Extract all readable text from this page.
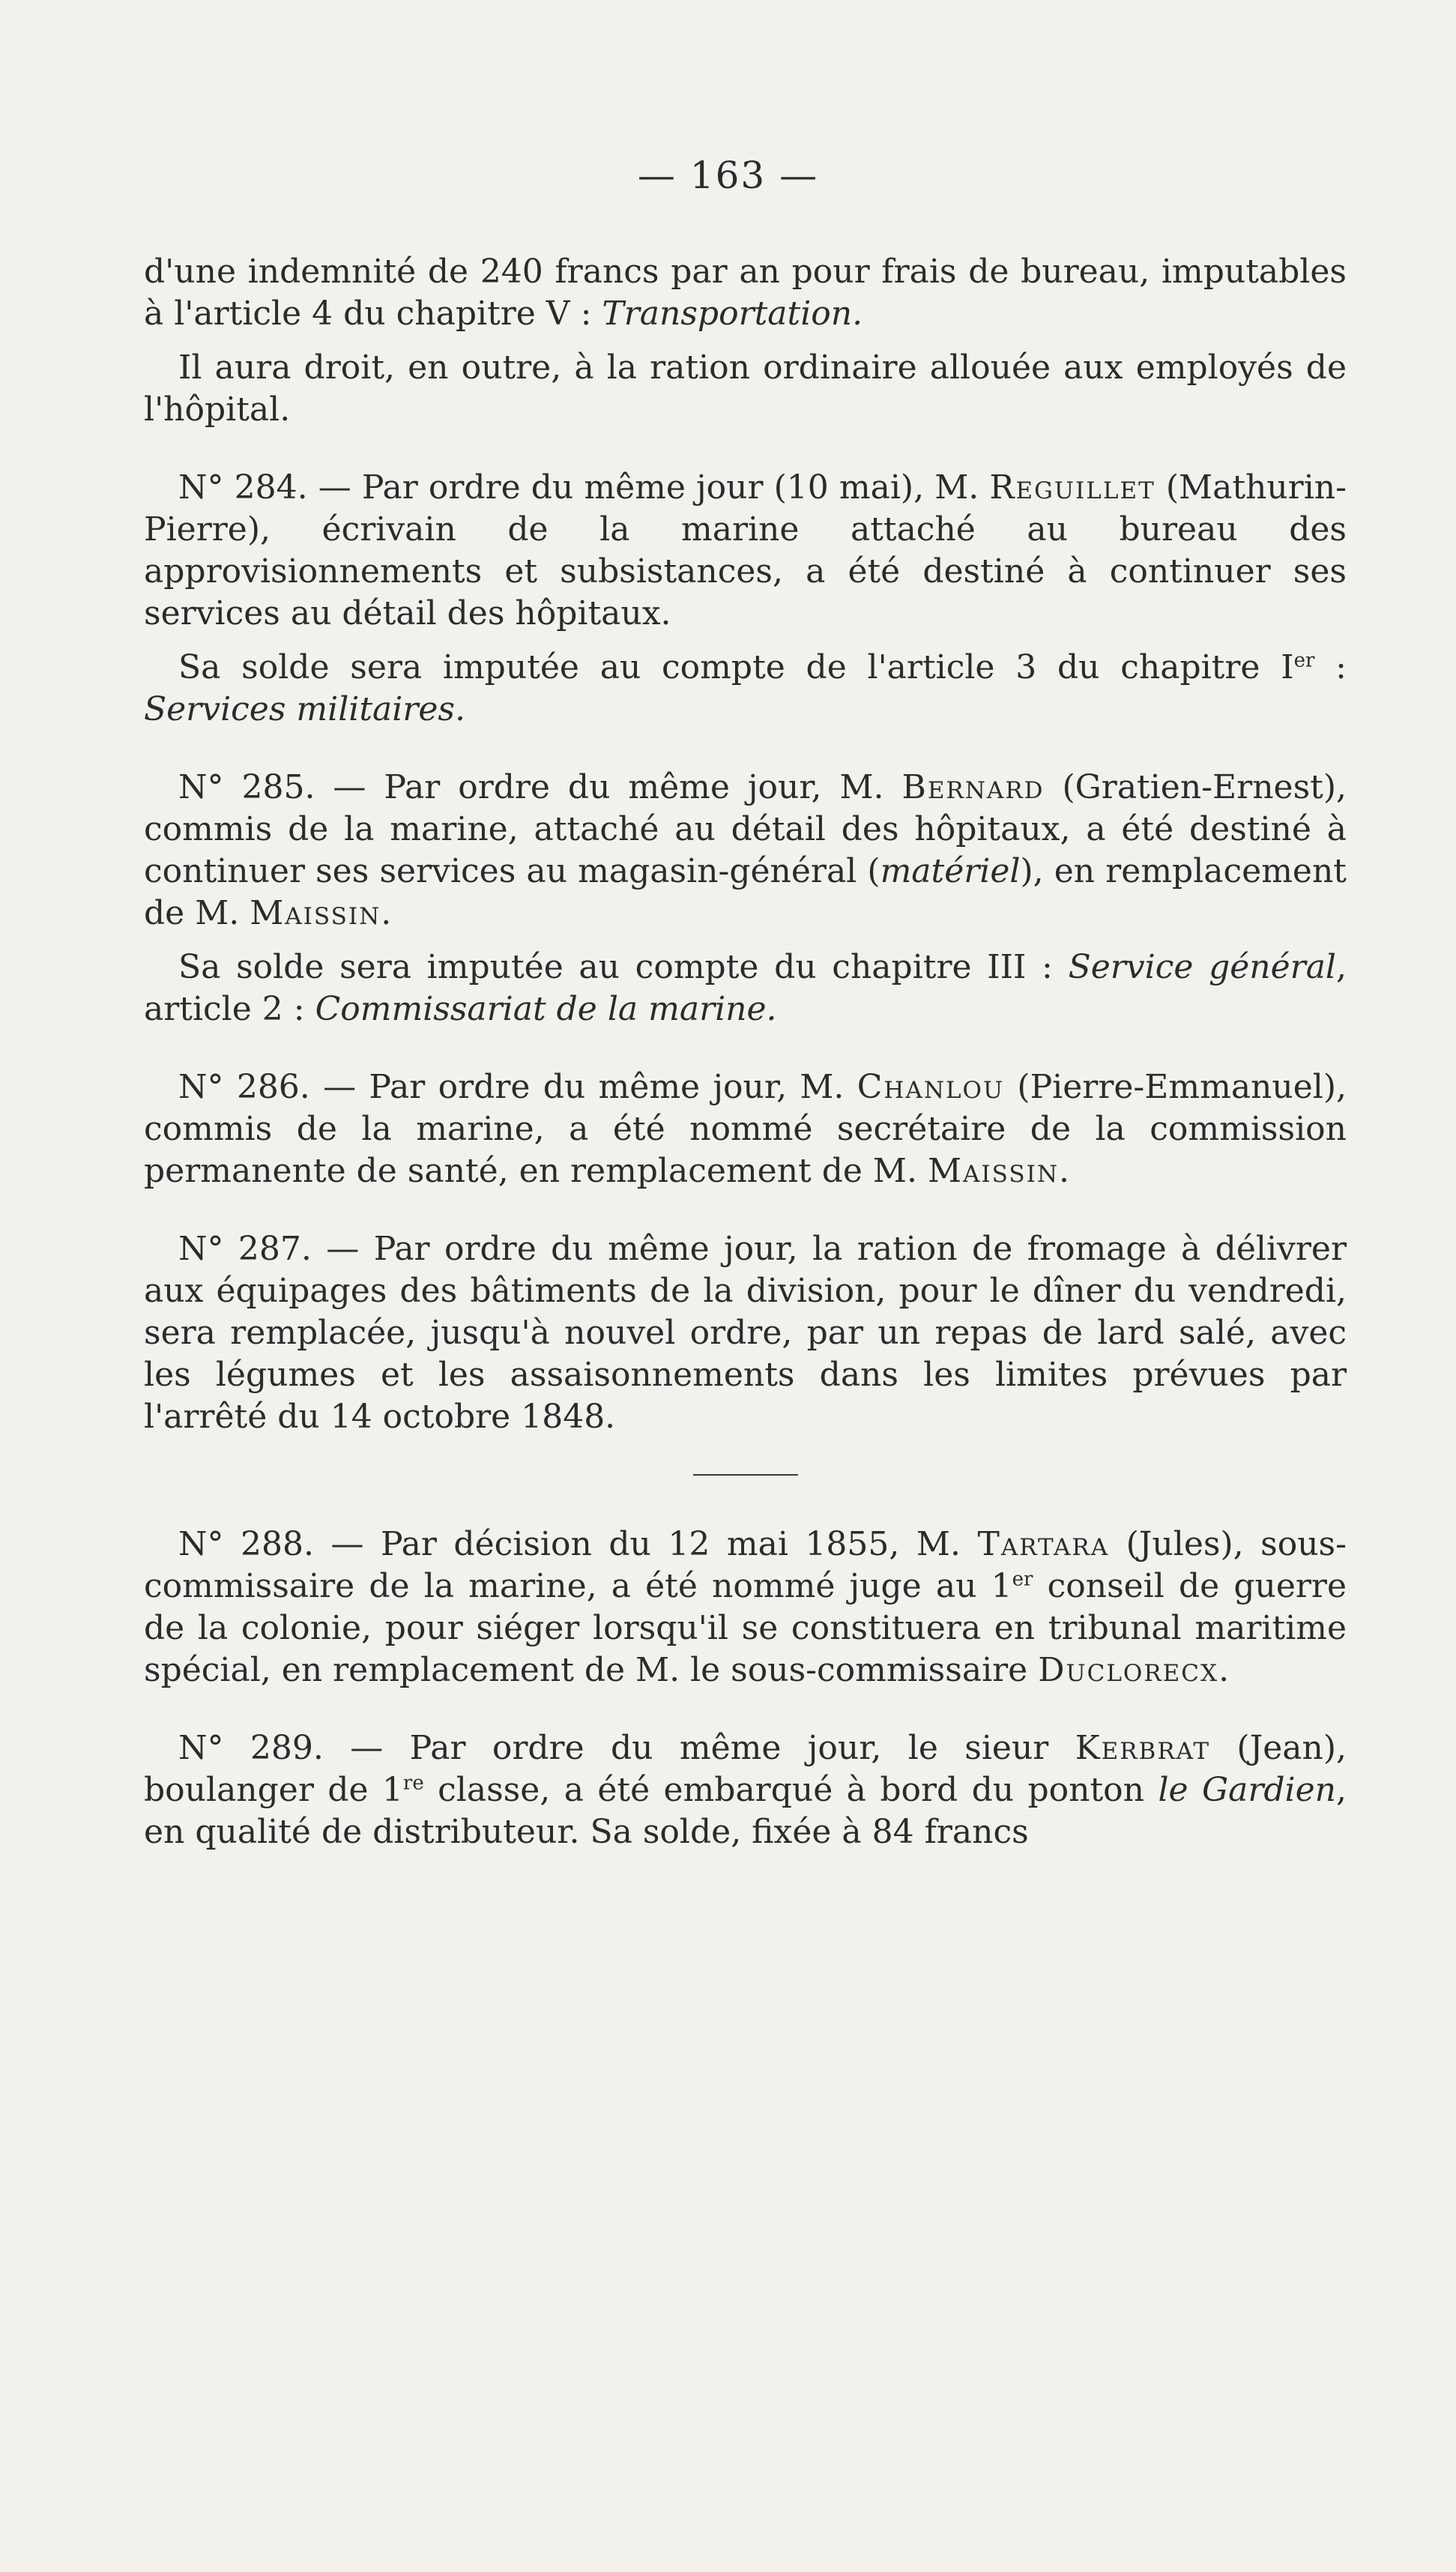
— 163 —

d'une indemnité de 240 francs par an pour frais de bureau, imputables à l'article 4 du chapitre V : Transportation.

Il aura droit, en outre, à la ration ordinaire allouée aux employés de l'hôpital.

N° 284. — Par ordre du même jour (10 mai), M. Reguillet (Mathurin-Pierre), écrivain de la marine attaché au bureau des approvisionnements et subsistances, a été destiné à continuer ses services au détail des hôpitaux.

Sa solde sera imputée au compte de l'article 3 du chapitre Ier : Services militaires.

N° 285. — Par ordre du même jour, M. Bernard (Gratien-Ernest), commis de la marine, attaché au détail des hôpitaux, a été destiné à continuer ses services au magasin-général (matériel), en remplacement de M. Maissin.

Sa solde sera imputée au compte du chapitre III : Service général, article 2 : Commissariat de la marine.

N° 286. — Par ordre du même jour, M. Chanlou (Pierre-Emmanuel), commis de la marine, a été nommé secrétaire de la commission permanente de santé, en remplacement de M. Maissin.

N° 287. — Par ordre du même jour, la ration de fromage à délivrer aux équipages des bâtiments de la division, pour le dîner du vendredi, sera remplacée, jusqu'à nouvel ordre, par un repas de lard salé, avec les légumes et les assaisonnements dans les limites prévues par l'arrêté du 14 octobre 1848.

N° 288. — Par décision du 12 mai 1855, M. Tartara (Jules), sous-commissaire de la marine, a été nommé juge au 1er conseil de guerre de la colonie, pour siéger lorsqu'il se constituera en tribunal maritime spécial, en remplacement de M. le sous-commissaire Duclorecx.

N° 289. — Par ordre du même jour, le sieur Kerbrat (Jean), boulanger de 1re classe, a été embarqué à bord du ponton le Gardien, en qualité de distributeur. Sa solde, fixée à 84 francs
